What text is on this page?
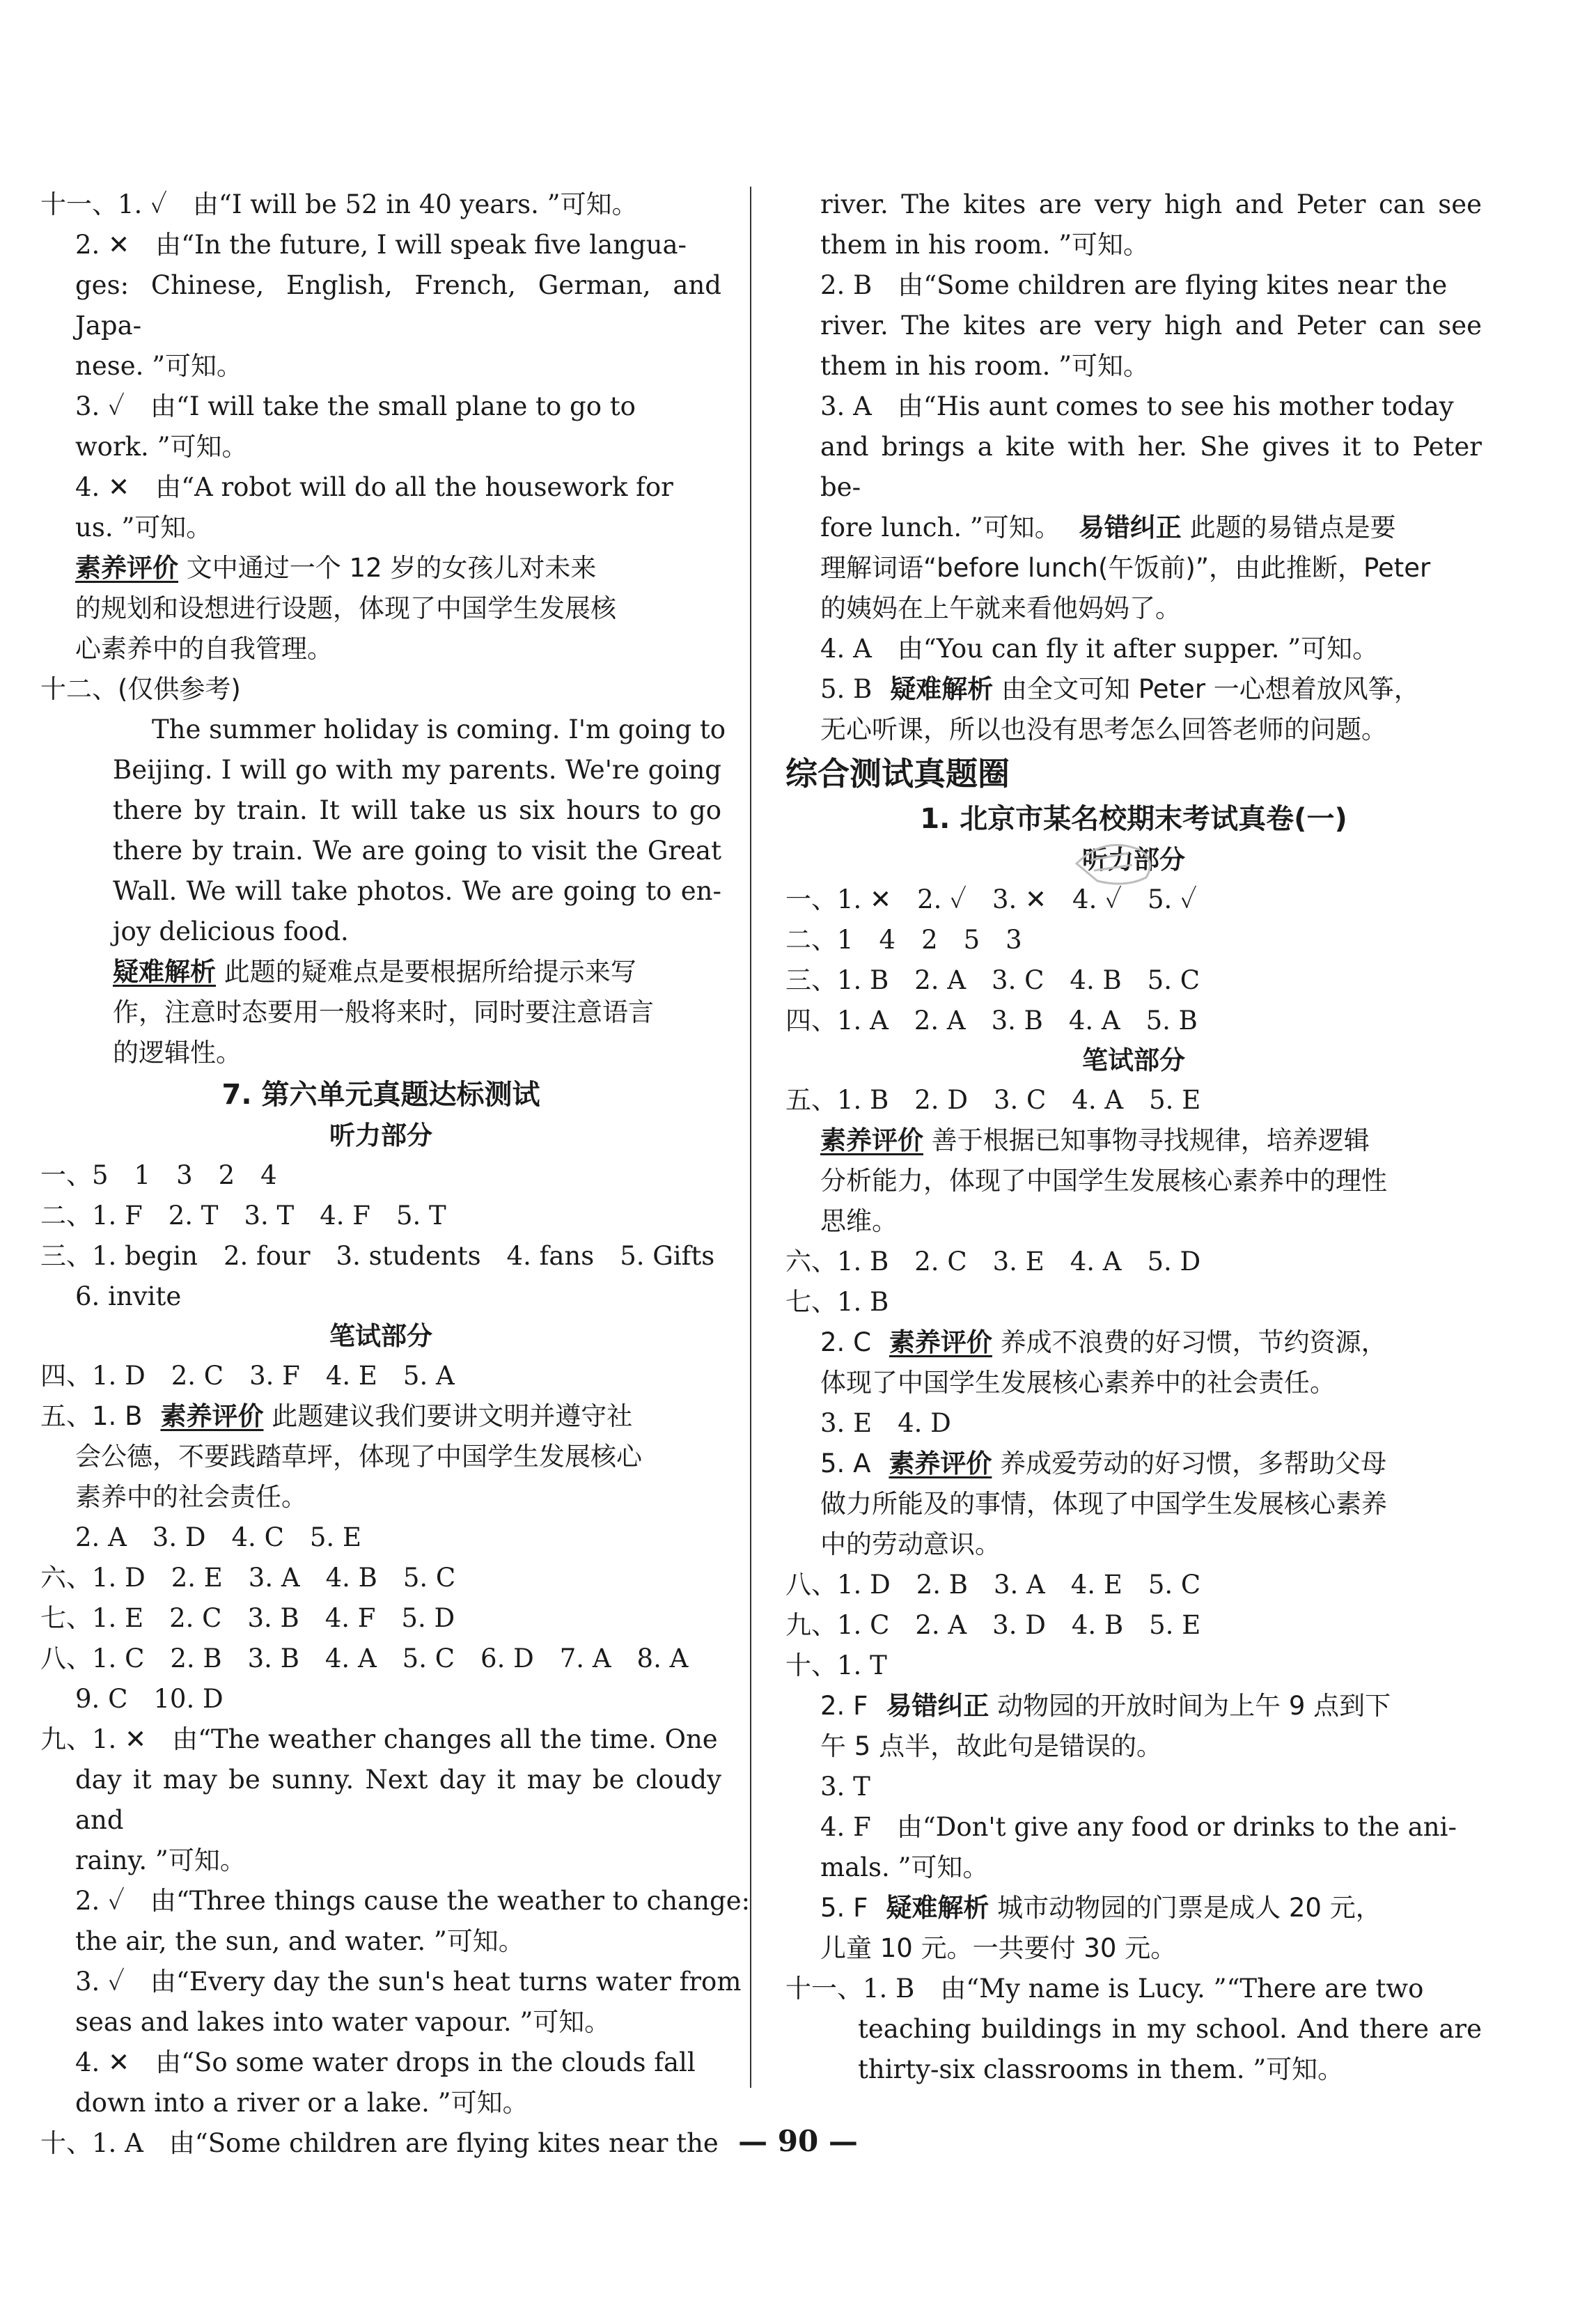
十一、1. ✓　由“I will be 52 in 40 years. ”可知。
2. ✕　由“In the future, I will speak five langua-
ges: Chinese, English, French, German, and Japa-
nese. ”可知。
3. ✓　由“I will take the small plane to go to
work. ”可知。
4. ✕　由“A robot will do all the housework for
us. ”可知。
素养评价 文中通过一个 12 岁的女孩儿对未来
的规划和设想进行设题，体现了中国学生发展核
心素养中的自我管理。
十二、(仅供参考)
The summer holiday is coming. I'm going to
Beijing. I will go with my parents. We're going
there by train. It will take us six hours to go
there by train. We are going to visit the Great
Wall. We will take photos. We are going to en-
joy delicious food.
疑难解析 此题的疑难点是要根据所给提示来写
作，注意时态要用一般将来时，同时要注意语言
的逻辑性。
7. 第六单元真题达标测试
听力部分
一、5　1　3　2　4
二、1. F　2. T　3. T　4. F　5. T
三、1. begin　2. four　3. students　4. fans　5. Gifts
6. invite
笔试部分
四、1. D　2. C　3. F　4. E　5. A
五、1. B 素养评价 此题建议我们要讲文明并遵守社
会公德，不要践踏草坪，体现了中国学生发展核心
素养中的社会责任。
2. A　3. D　4. C　5. E
六、1. D　2. E　3. A　4. B　5. C
七、1. E　2. C　3. B　4. F　5. D
八、1. C　2. B　3. B　4. A　5. C　6. D　7. A　8. A
9. C　10. D
九、1. ✕　由“The weather changes all the time. One
day it may be sunny. Next day it may be cloudy and
rainy. ”可知。
2. ✓　由“Three things cause the weather to change:
the air, the sun, and water. ”可知。
3. ✓　由“Every day the sun's heat turns water from
seas and lakes into water vapour. ”可知。
4. ✕　由“So some water drops in the clouds fall
down into a river or a lake. ”可知。
十、1. A　由“Some children are flying kites near the
river. The kites are very high and Peter can see
them in his room. ”可知。
2. B　由“Some children are flying kites near the
river. The kites are very high and Peter can see
them in his room. ”可知。
3. A　由“His aunt comes to see his mother today
and brings a kite with her. She gives it to Peter be-
fore lunch. ”可知。 易错纠正 此题的易错点是要
理解词语“before lunch(午饭前)”，由此推断，Peter
的姨妈在上午就来看他妈妈了。
4. A　由“You can fly it after supper. ”可知。
5. B 疑难解析 由全文可知 Peter 一心想着放风筝，
无心听课，所以也没有思考怎么回答老师的问题。
综合测试真题圈
1. 北京市某名校期末考试真卷(一)
听力部分
一、1. ✕　2. ✓　3. ✕　4. ✓　5. ✓
二、1　4　2　5　3
三、1. B　2. A　3. C　4. B　5. C
四、1. A　2. A　3. B　4. A　5. B
笔试部分
五、1. B　2. D　3. C　4. A　5. E
素养评价 善于根据已知事物寻找规律，培养逻辑
分析能力，体现了中国学生发展核心素养中的理性
思维。
六、1. B　2. C　3. E　4. A　5. D
七、1. B
2. C 素养评价 养成不浪费的好习惯，节约资源，
体现了中国学生发展核心素养中的社会责任。
3. E　4. D
5. A 素养评价 养成爱劳动的好习惯，多帮助父母
做力所能及的事情，体现了中国学生发展核心素养
中的劳动意识。
八、1. D　2. B　3. A　4. E　5. C
九、1. C　2. A　3. D　4. B　5. E
十、1. T
2. F 易错纠正 动物园的开放时间为上午 9 点到下
午 5 点半，故此句是错误的。
3. T
4. F　由“Don't give any food or drinks to the ani-
mals. ”可知。
5. F 疑难解析 城市动物园的门票是成人 20 元，
儿童 10 元。一共要付 30 元。
十一、1. B　由“My name is Lucy. ”“There are two
teaching buildings in my school. And there are
thirty-six classrooms in them. ”可知。
— 90 —
